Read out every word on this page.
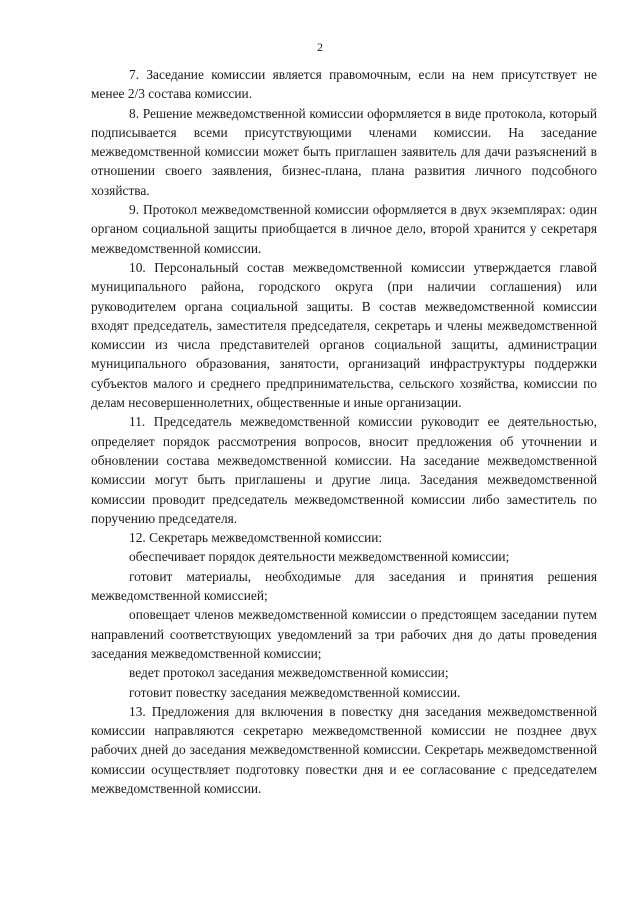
2

7. Заседание комиссии является правомочным, если на нем присутствует не менее 2/3 состава комиссии.

8. Решение межведомственной комиссии оформляется в виде протокола, который подписывается всеми присутствующими членами комиссии. На заседание межведомственной комиссии может быть приглашен заявитель для дачи разъяснений в отношении своего заявления, бизнес-плана, плана развития личного подсобного хозяйства.

9. Протокол межведомственной комиссии оформляется в двух экземплярах: один органом социальной защиты приобщается в личное дело, второй хранится у секретаря межведомственной комиссии.

10. Персональный состав межведомственной комиссии утверждается главой муниципального района, городского округа (при наличии соглашения) или руководителем органа социальной защиты. В состав межведомственной комиссии входят председатель, заместителя председателя, секретарь и члены межведомственной комиссии из числа представителей органов социальной защиты, администрации муниципального образования, занятости, организаций инфраструктуры поддержки субъектов малого и среднего предпринимательства, сельского хозяйства, комиссии по делам несовершеннолетних, общественные и иные организации.

11. Председатель межведомственной комиссии руководит ее деятельностью, определяет порядок рассмотрения вопросов, вносит предложения об уточнении и обновлении состава межведомственной комиссии. На заседание межведомственной комиссии могут быть приглашены и другие лица. Заседания межведомственной комиссии проводит председатель межведомственной комиссии либо заместитель по поручению председателя.

12. Секретарь межведомственной комиссии:

обеспечивает порядок деятельности межведомственной комиссии;

готовит материалы, необходимые для заседания и принятия решения межведомственной комиссией;

оповещает членов межведомственной комиссии о предстоящем заседании путем направлений соответствующих уведомлений за три рабочих дня до даты проведения заседания межведомственной комиссии;

ведет протокол заседания межведомственной комиссии;

готовит повестку заседания межведомственной комиссии.

13. Предложения для включения в повестку дня заседания межведомственной комиссии направляются секретарю межведомственной комиссии не позднее двух рабочих дней до заседания межведомственной комиссии. Секретарь межведомственной комиссии осуществляет подготовку повестки дня и ее согласование с председателем межведомственной комиссии.
